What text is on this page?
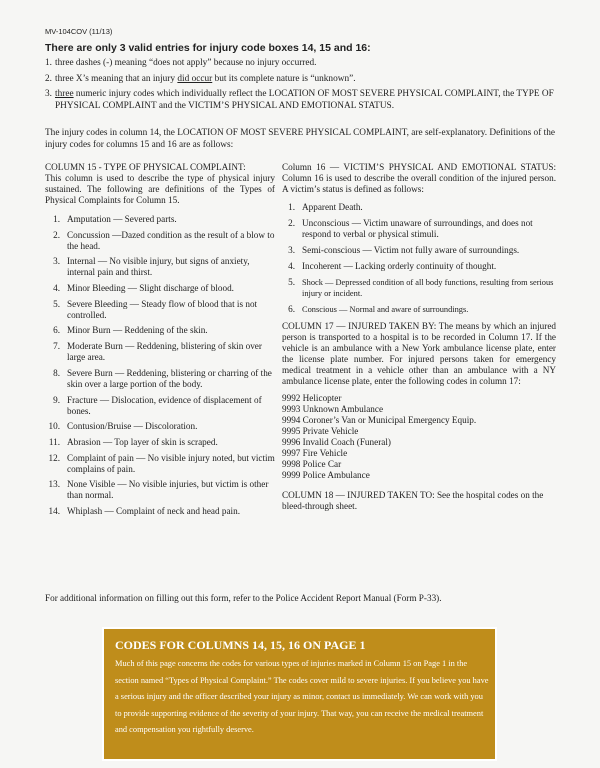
MV-104COV (11/13)
There are only 3 valid entries for injury code boxes 14, 15 and 16:
1. three dashes (-) meaning “does not apply” because no injury occurred.
2. three X’s meaning that an injury did occur but its complete nature is “unknown”.
3. three numeric injury codes which individually reflect the LOCATION OF MOST SEVERE PHYSICAL COMPLAINT, the TYPE OF PHYSICAL COMPLAINT and the VICTIM’S PHYSICAL AND EMOTIONAL STATUS.
The injury codes in column 14, the LOCATION OF MOST SEVERE PHYSICAL COMPLAINT, are self-explanatory. Definitions of the injury codes for columns 15 and 16 are as follows:
COLUMN 15 - TYPE OF PHYSICAL COMPLAINT:
This column is used to describe the type of physical injury sustained. The following are definitions of the Types of Physical Complaints for Column 15.
1. Amputation — Severed parts.
2. Concussion —Dazed condition as the result of a blow to the head.
3. Internal — No visible injury, but signs of anxiety, internal pain and thirst.
4. Minor Bleeding — Slight discharge of blood.
5. Severe Bleeding — Steady flow of blood that is not controlled.
6. Minor Burn — Reddening of the skin.
7. Moderate Burn — Reddening, blistering of skin over large area.
8. Severe Burn — Reddening, blistering or charring of the skin over a large portion of the body.
9. Fracture — Dislocation, evidence of displacement of bones.
10. Contusion/Bruise — Discoloration.
11. Abrasion — Top layer of skin is scraped.
12. Complaint of pain — No visible injury noted, but victim complains of pain.
13. None Visible — No visible injuries, but victim is other than normal.
14. Whiplash — Complaint of neck and head pain.
Column 16 — VICTIM’S PHYSICAL AND EMOTIONAL STATUS: Column 16 is used to describe the overall condition of the injured person. A victim’s status is defined as follows:
1. Apparent Death.
2. Unconscious — Victim unaware of surroundings, and does not respond to verbal or physical stimuli.
3. Semi-conscious — Victim not fully aware of surroundings.
4. Incoherent — Lacking orderly continuity of thought.
5. Shock — Depressed condition of all body functions, resulting from serious injury or incident.
6. Conscious — Normal and aware of surroundings.
COLUMN 17 — INJURED TAKEN BY: The means by which an injured person is transported to a hospital is to be recorded in Column 17. If the vehicle is an ambulance with a New York ambulance license plate, enter the license plate number. For injured persons taken for emergency medical treatment in a vehicle other than an ambulance with a NY ambulance license plate, enter the following codes in column 17:
9992 Helicopter
9993 Unknown Ambulance
9994 Coroner’s Van or Municipal Emergency Equip.
9995 Private Vehicle
9996 Invalid Coach (Funeral)
9997 Fire Vehicle
9998 Police Car
9999 Police Ambulance
COLUMN 18 — INJURED TAKEN TO: See the hospital codes on the bleed-through sheet.
For additional information on filling out this form, refer to the Police Accident Report Manual (Form P-33).
CODES FOR COLUMNS 14, 15, 16 ON PAGE 1
Much of this page concerns the codes for various types of injuries marked in Column 15 on Page 1 in the section named “Types of Physical Complaint.” The codes cover mild to severe injuries. If you believe you have a serious injury and the officer described your injury as minor, contact us immediately. We can work with you to provide supporting evidence of the severity of your injury. That way, you can receive the medical treatment and compensation you rightfully deserve.
